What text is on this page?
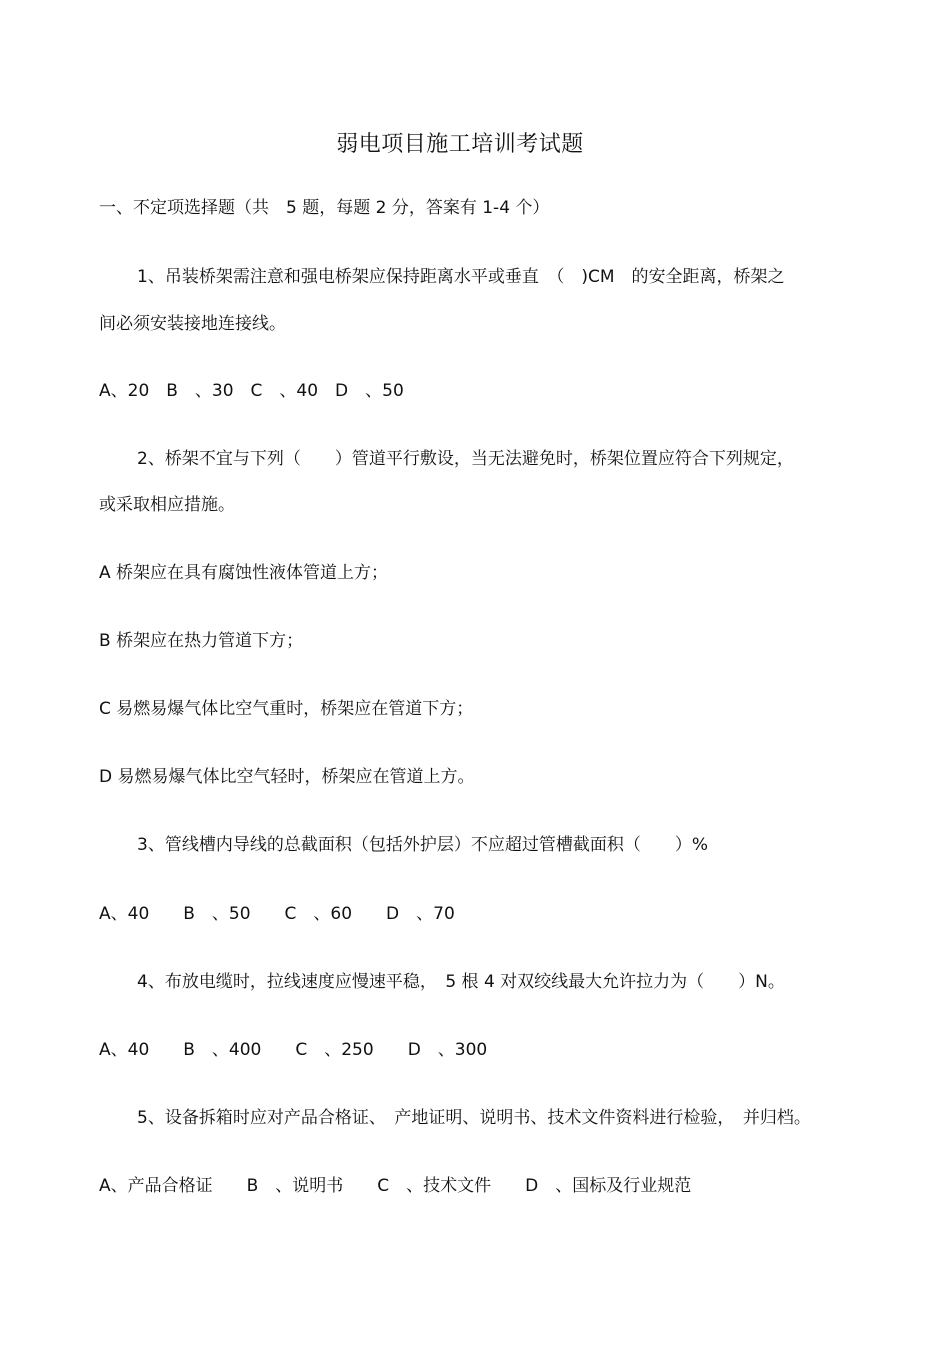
弱电项目施工培训考试题
一、不定项选择题（共　5 题，每题 2 分，答案有 1-4 个）
1、吊装桥架需注意和强电桥架应保持距离水平或垂直　（　)CM　的安全距离，桥架之
间必须安装接地连接线。
A、20　B　、30　C　、40　D　、50
2、桥架不宜与下列（　　）管道平行敷设，当无法避免时，桥架位置应符合下列规定，
或采取相应措施。
A 桥架应在具有腐蚀性液体管道上方；
B 桥架应在热力管道下方；
C 易燃易爆气体比空气重时，桥架应在管道下方；
D 易燃易爆气体比空气轻时，桥架应在管道上方。
3、管线槽内导线的总截面积（包括外护层）不应超过管槽截面积（　　）%
A、40　　B　、50　　C　、60　　D　、70
4、布放电缆时，拉线速度应慢速平稳，　5 根 4 对双绞线最大允许拉力为（　　）N。
A、40　　B　、400　　C　、250　　D　、300
5、设备拆箱时应对产品合格证、　产地证明、说明书、技术文件资料进行检验，　并归档。
A、产品合格证　　B　、说明书　　C　、技术文件　　D　、国标及行业规范
